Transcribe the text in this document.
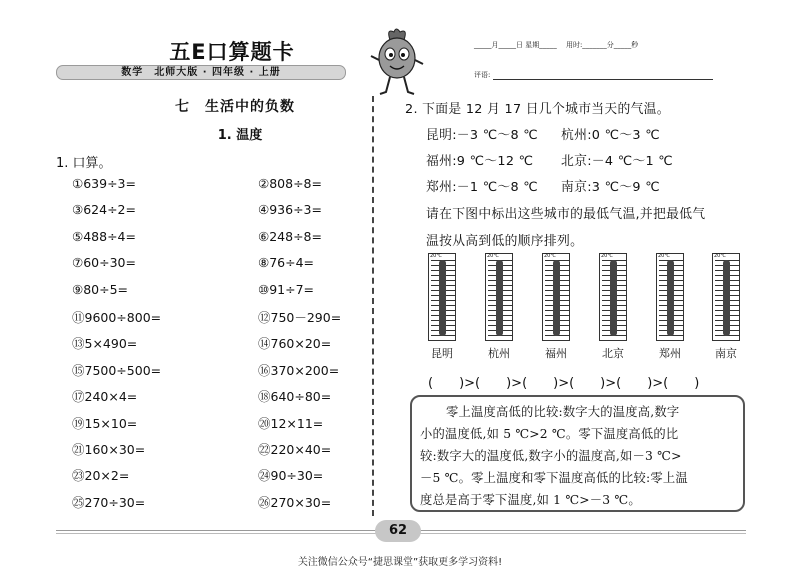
五E口算题卡
数学　北师大版 · 四年级 · 上册
_____月_____日 星期_____ 　用时:_______分_____秒
评语:
七　生活中的负数
1. 温度
1. 口算。
①639÷3=
③624÷2=
⑤488÷4=
⑦60÷30=
⑨80÷5=
⑪9600÷800=
⑬5×490=
⑮7500÷500=
⑰240×4=
⑲15×10=
㉑160×30=
㉓20×2=
㉕270÷30=
②808÷8=
④936÷3=
⑥248÷8=
⑧76÷4=
⑩91÷7=
⑫750－290=
⑭760×20=
⑯370×200=
⑱640÷80=
⑳12×11=
㉒220×40=
㉔90÷30=
㉖270×30=
2. 下面是 12 月 17 日几个城市当天的气温。
昆明:－3 ℃～8 ℃ 杭州:0 ℃～3 ℃
福州:9 ℃～12 ℃ 北京:－4 ℃～1 ℃
郑州:－1 ℃～8 ℃ 南京:3 ℃～9 ℃
请在下图中标出这些城市的最低气温,并把最低气
温按从高到低的顺序排列。
20℃
昆明
20℃
杭州
20℃
福州
20℃
北京
20℃
郑州
20℃
南京
(　　)>(　　)>(　　)>(　　)>(　　)>(　　)
零上温度高低的比较:数字大的温度高,数字
小的温度低,如 5 ℃>2 ℃。零下温度高低的比
较:数字大的温度低,数字小的温度高,如－3 ℃>
－5 ℃。零上温度和零下温度高低的比较:零上温
度总是高于零下温度,如 1 ℃>－3 ℃。
62
关注微信公众号“捷思课堂”获取更多学习资料!
